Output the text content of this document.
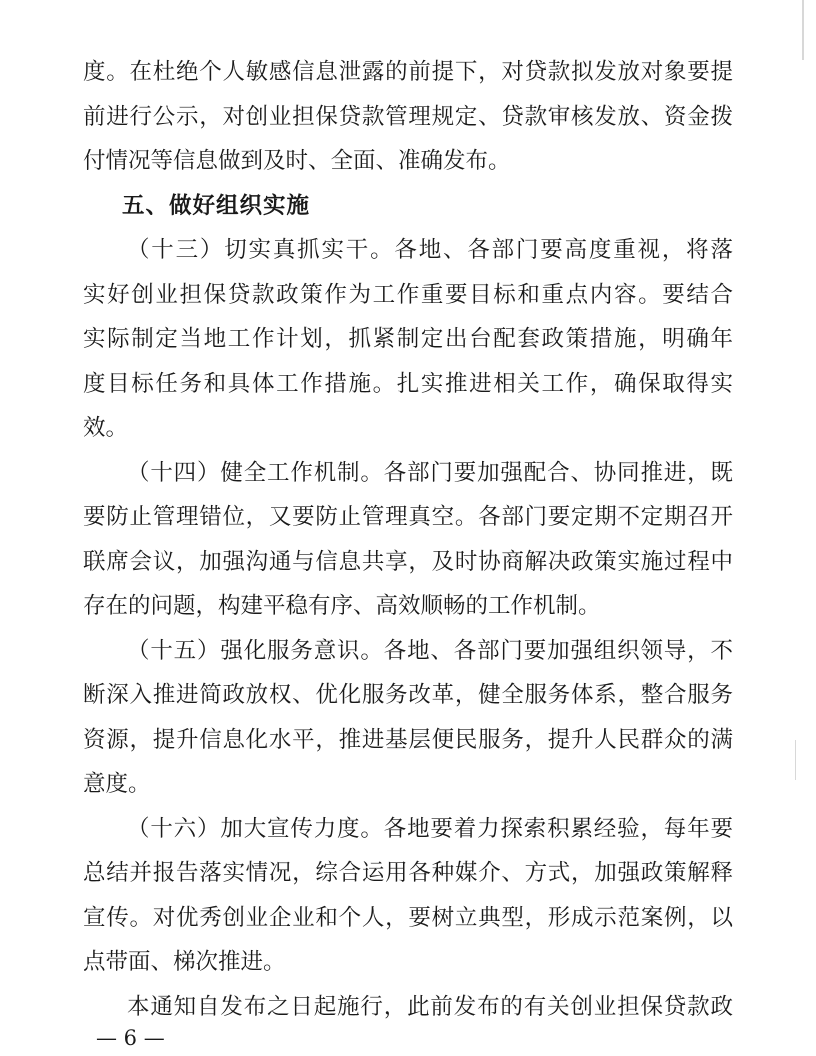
度。在杜绝个人敏感信息泄露的前提下，对贷款拟发放对象要提
前进行公示，对创业担保贷款管理规定、贷款审核发放、资金拨
付情况等信息做到及时、全面、准确发布。
五、做好组织实施
（十三）切实真抓实干。各地、各部门要高度重视，将落
实好创业担保贷款政策作为工作重要目标和重点内容。要结合
实际制定当地工作计划，抓紧制定出台配套政策措施，明确年
度目标任务和具体工作措施。扎实推进相关工作，确保取得实
效。
（十四）健全工作机制。各部门要加强配合、协同推进，既
要防止管理错位，又要防止管理真空。各部门要定期不定期召开
联席会议，加强沟通与信息共享，及时协商解决政策实施过程中
存在的问题，构建平稳有序、高效顺畅的工作机制。
（十五）强化服务意识。各地、各部门要加强组织领导，不
断深入推进简政放权、优化服务改革，健全服务体系，整合服务
资源，提升信息化水平，推进基层便民服务，提升人民群众的满
意度。
（十六）加大宣传力度。各地要着力探索积累经验，每年要
总结并报告落实情况，综合运用各种媒介、方式，加强政策解释
宣传。对优秀创业企业和个人，要树立典型，形成示范案例，以
点带面、梯次推进。
本通知自发布之日起施行，此前发布的有关创业担保贷款政
— 6 —
